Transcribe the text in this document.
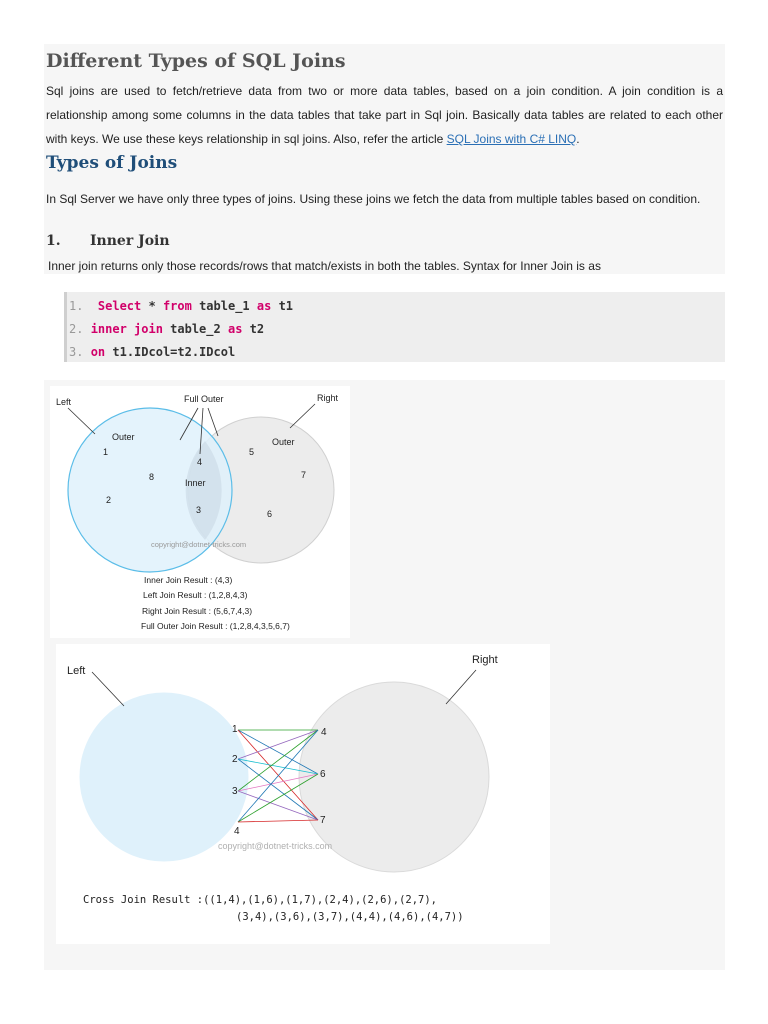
Different Types of SQL Joins

Sql joins are used to fetch/retrieve data from two or more data tables, based on a join condition. A join condition is a relationship among some columns in the data tables that take part in Sql join. Basically data tables are related to each other with keys. We use these keys relationship in sql joins. Also, refer the article SQL Joins with C# LINQ.

Types of Joins

In Sql Server we have only three types of joins. Using these joins we fetch the data from multiple tables based on condition.

1. Inner Join

Inner join returns only those records/rows that match/exists in both the tables. Syntax for Inner Join is as

1. Select * from table_1 as t1
2. inner join table_2 as t2
3. on t1.IDcol=t2.IDcol
Left	Full Outer	Right
Outer	Outer
Inner
1
8
2
4
3
5
7
6
copyright@dotnet-tricks.com
Inner Join Result : (4,3)
Left Join Result : (1,2,8,4,3)
Right Join Result : (5,6,7,4,3)
Full Outer Join Result : (1,2,8,4,3,5,6,7)
Left
Right
1
2
3
4
4
6
7
copyright@dotnet-tricks.com
Cross Join Result :((1,4),(1,6),(1,7),(2,4),(2,6),(2,7),
(3,4),(3,6),(3,7),(4,4),(4,6),(4,7))
